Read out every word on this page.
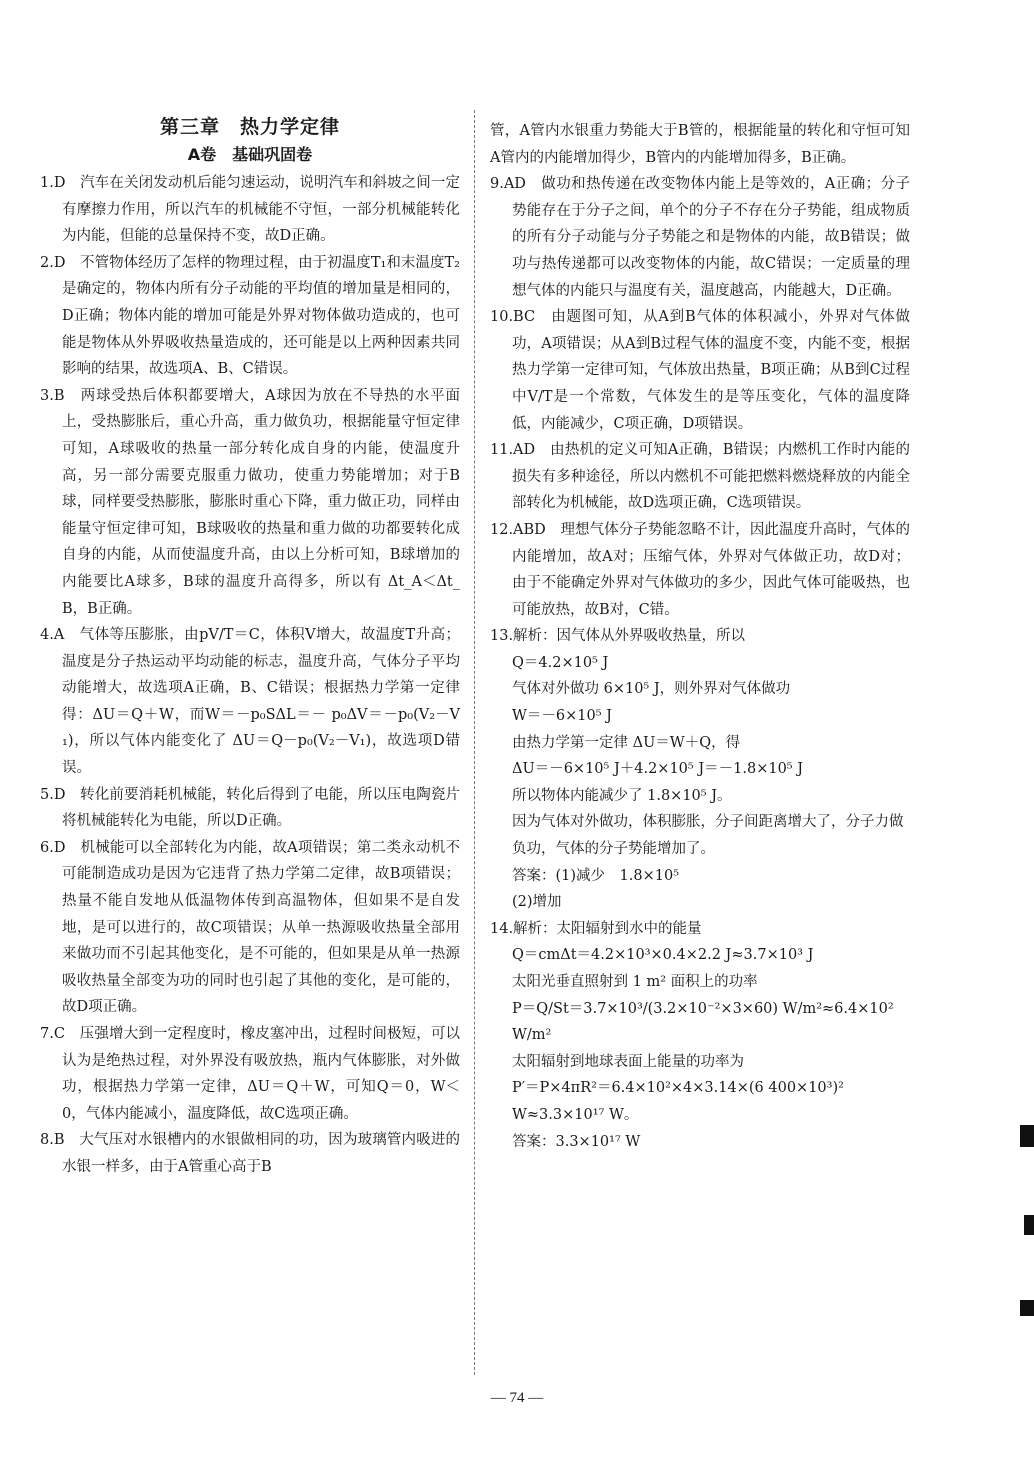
第三章　热力学定律
A卷　基础巩固卷

1.D　汽车在关闭发动机后能匀速运动，说明汽车和斜坡之间一定有摩擦力作用，所以汽车的机械能不守恒，一部分机械能转化为内能，但能的总量保持不变，故D正确。

2.D　不管物体经历了怎样的物理过程，由于初温度T₁和末温度T₂是确定的，物体内所有分子动能的平均值的增加量是相同的，D正确；物体内能的增加可能是外界对物体做功造成的，也可能是物体从外界吸收热量造成的，还可能是以上两种因素共同影响的结果，故选项A、B、C错误。

3.B　两球受热后体积都要增大，A球因为放在不导热的水平面上，受热膨胀后，重心升高，重力做负功，根据能量守恒定律可知，A球吸收的热量一部分转化成自身的内能，使温度升高，另一部分需要克服重力做功，使重力势能增加；对于B球，同样要受热膨胀，膨胀时重心下降，重力做正功，同样由能量守恒定律可知，B球吸收的热量和重力做的功都要转化成自身的内能，从而使温度升高，由以上分析可知，B球增加的内能要比A球多，B球的温度升高得多，所以有 Δt_A＜Δt_B，B正确。

4.A　气体等压膨胀，由pV/T＝C，体积V增大，故温度T升高；温度是分子热运动平均动能的标志，温度升高，气体分子平均动能增大，故选项A正确，B、C错误；根据热力学第一定律得：ΔU＝Q＋W，而W＝－p₀SΔL＝－ p₀ΔV＝－p₀(V₂－V₁)，所以气体内能变化了 ΔU＝Q－p₀(V₂－V₁)，故选项D错误。

5.D　转化前要消耗机械能，转化后得到了电能，所以压电陶瓷片将机械能转化为电能，所以D正确。

6.D　机械能可以全部转化为内能，故A项错误；第二类永动机不可能制造成功是因为它违背了热力学第二定律，故B项错误；热量不能自发地从低温物体传到高温物体，但如果不是自发地，是可以进行的，故C项错误；从单一热源吸收热量全部用来做功而不引起其他变化，是不可能的，但如果是从单一热源吸收热量全部变为功的同时也引起了其他的变化，是可能的，故D项正确。

7.C　压强增大到一定程度时，橡皮塞冲出，过程时间极短，可以认为是绝热过程，对外界没有吸放热，瓶内气体膨胀，对外做功，根据热力学第一定律，ΔU＝Q＋W，可知Q＝0，W＜0，气体内能减小，温度降低，故C选项正确。

8.B　大气压对水银槽内的水银做相同的功，因为玻璃管内吸进的水银一样多，由于A管重心高于B

管，A管内水银重力势能大于B管的，根据能量的转化和守恒可知A管内的内能增加得少，B管内的内能增加得多，B正确。

9.AD　做功和热传递在改变物体内能上是等效的，A正确；分子势能存在于分子之间，单个的分子不存在分子势能，组成物质的所有分子动能与分子势能之和是物体的内能，故B错误；做功与热传递都可以改变物体的内能，故C错误；一定质量的理想气体的内能只与温度有关，温度越高，内能越大，D正确。

10.BC　由题图可知，从A到B气体的体积减小，外界对气体做功，A项错误；从A到B过程气体的温度不变，内能不变，根据热力学第一定律可知，气体放出热量，B项正确；从B到C过程中V/T是一个常数，气体发生的是等压变化，气体的温度降低，内能减少，C项正确，D项错误。

11.AD　由热机的定义可知A正确，B错误；内燃机工作时内能的损失有多种途径，所以内燃机不可能把燃料燃烧释放的内能全部转化为机械能，故D选项正确，C选项错误。

12.ABD　理想气体分子势能忽略不计，因此温度升高时，气体的内能增加，故A对；压缩气体，外界对气体做正功，故D对；由于不能确定外界对气体做功的多少，因此气体可能吸热，也可能放热，故B对，C错。

13.解析：因气体从外界吸收热量，所以

Q＝4.2×10⁵ J

气体对外做功 6×10⁵ J，则外界对气体做功

W＝－6×10⁵ J

由热力学第一定律 ΔU＝W＋Q，得

ΔU＝－6×10⁵ J＋4.2×10⁵ J＝－1.8×10⁵ J

所以物体内能减少了 1.8×10⁵ J。

因为气体对外做功，体积膨胀，分子间距离增大了，分子力做负功，气体的分子势能增加了。

答案：(1)减少　1.8×10⁵

(2)增加

14.解析：太阳辐射到水中的能量

Q＝cmΔt＝4.2×10³×0.4×2.2 J≈3.7×10³ J

太阳光垂直照射到 1 m² 面积上的功率

P＝Q/St＝3.7×10³/(3.2×10⁻²×3×60) W/m²≈6.4×10² W/m²

太阳辐射到地球表面上能量的功率为

P′＝P×4πR²＝6.4×10²×4×3.14×(6 400×10³)² W≈3.3×10¹⁷ W。

答案：3.3×10¹⁷ W

— 74 —
